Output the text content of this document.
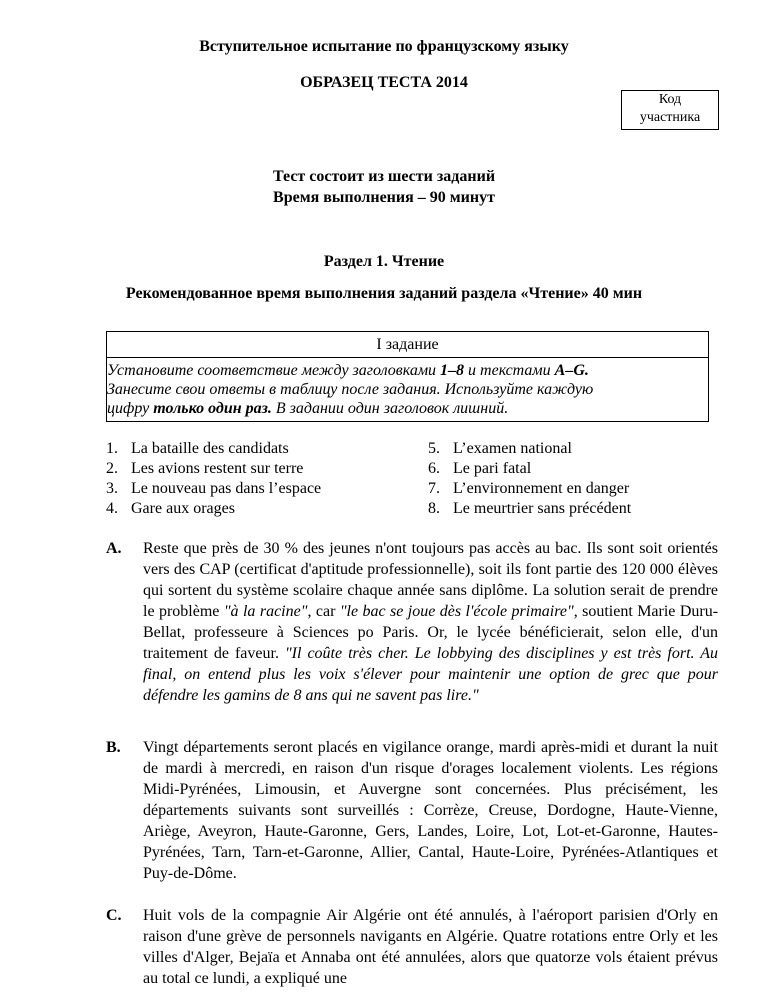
Вступительное испытание по французскому языку
ОБРАЗЕЦ ТЕСТА 2014
Код
участника
Тест состоит из шести заданий
Время выполнения – 90 минут
Раздел 1. Чтение
Рекомендованное время выполнения заданий раздела «Чтение» 40 мин
I задание
Установите соответствие между заголовками 1–8 и текстами A–G.
Занесите свои ответы в таблицу после задания. Используйте каждую
цифру только один раз. В задании один заголовок лишний.
1. La bataille des candidats
2. Les avions restent sur terre
3. Le nouveau pas dans l’espace
4. Gare aux orages
5. L’examen national
6. Le pari fatal
7. L’environnement en danger
8. Le meurtrier sans précédent
A. Reste que près de 30 % des jeunes n'ont toujours pas accès au bac. Ils sont soit orientés vers des CAP (certificat d'aptitude professionnelle), soit ils font partie des 120 000 élèves qui sortent du système scolaire chaque année sans diplôme. La solution serait de prendre le problème "à la racine", car "le bac se joue dès l'école primaire", soutient Marie Duru-Bellat, professeure à Sciences po Paris. Or, le lycée bénéficierait, selon elle, d'un traitement de faveur. "Il coûte très cher. Le lobbying des disciplines y est très fort. Au final, on entend plus les voix s'élever pour maintenir une option de grec que pour défendre les gamins de 8 ans qui ne savent pas lire."
B. Vingt départements seront placés en vigilance orange, mardi après-midi et durant la nuit de mardi à mercredi, en raison d'un risque d'orages localement violents. Les régions Midi-Pyrénées, Limousin, et Auvergne sont concernées. Plus précisément, les départements suivants sont surveillés : Corrèze, Creuse, Dordogne, Haute-Vienne, Ariège, Aveyron, Haute-Garonne, Gers, Landes, Loire, Lot, Lot-et-Garonne, Hautes-Pyrénées, Tarn, Tarn-et-Garonne, Allier, Cantal, Haute-Loire, Pyrénées-Atlantiques et Puy-de-Dôme.
C. Huit vols de la compagnie Air Algérie ont été annulés, à l'aéroport parisien d'Orly en raison d'une grève de personnels navigants en Algérie. Quatre rotations entre Orly et les villes d'Alger, Bejaïa et Annaba ont été annulées, alors que quatorze vols étaient prévus au total ce lundi, a expliqué une
